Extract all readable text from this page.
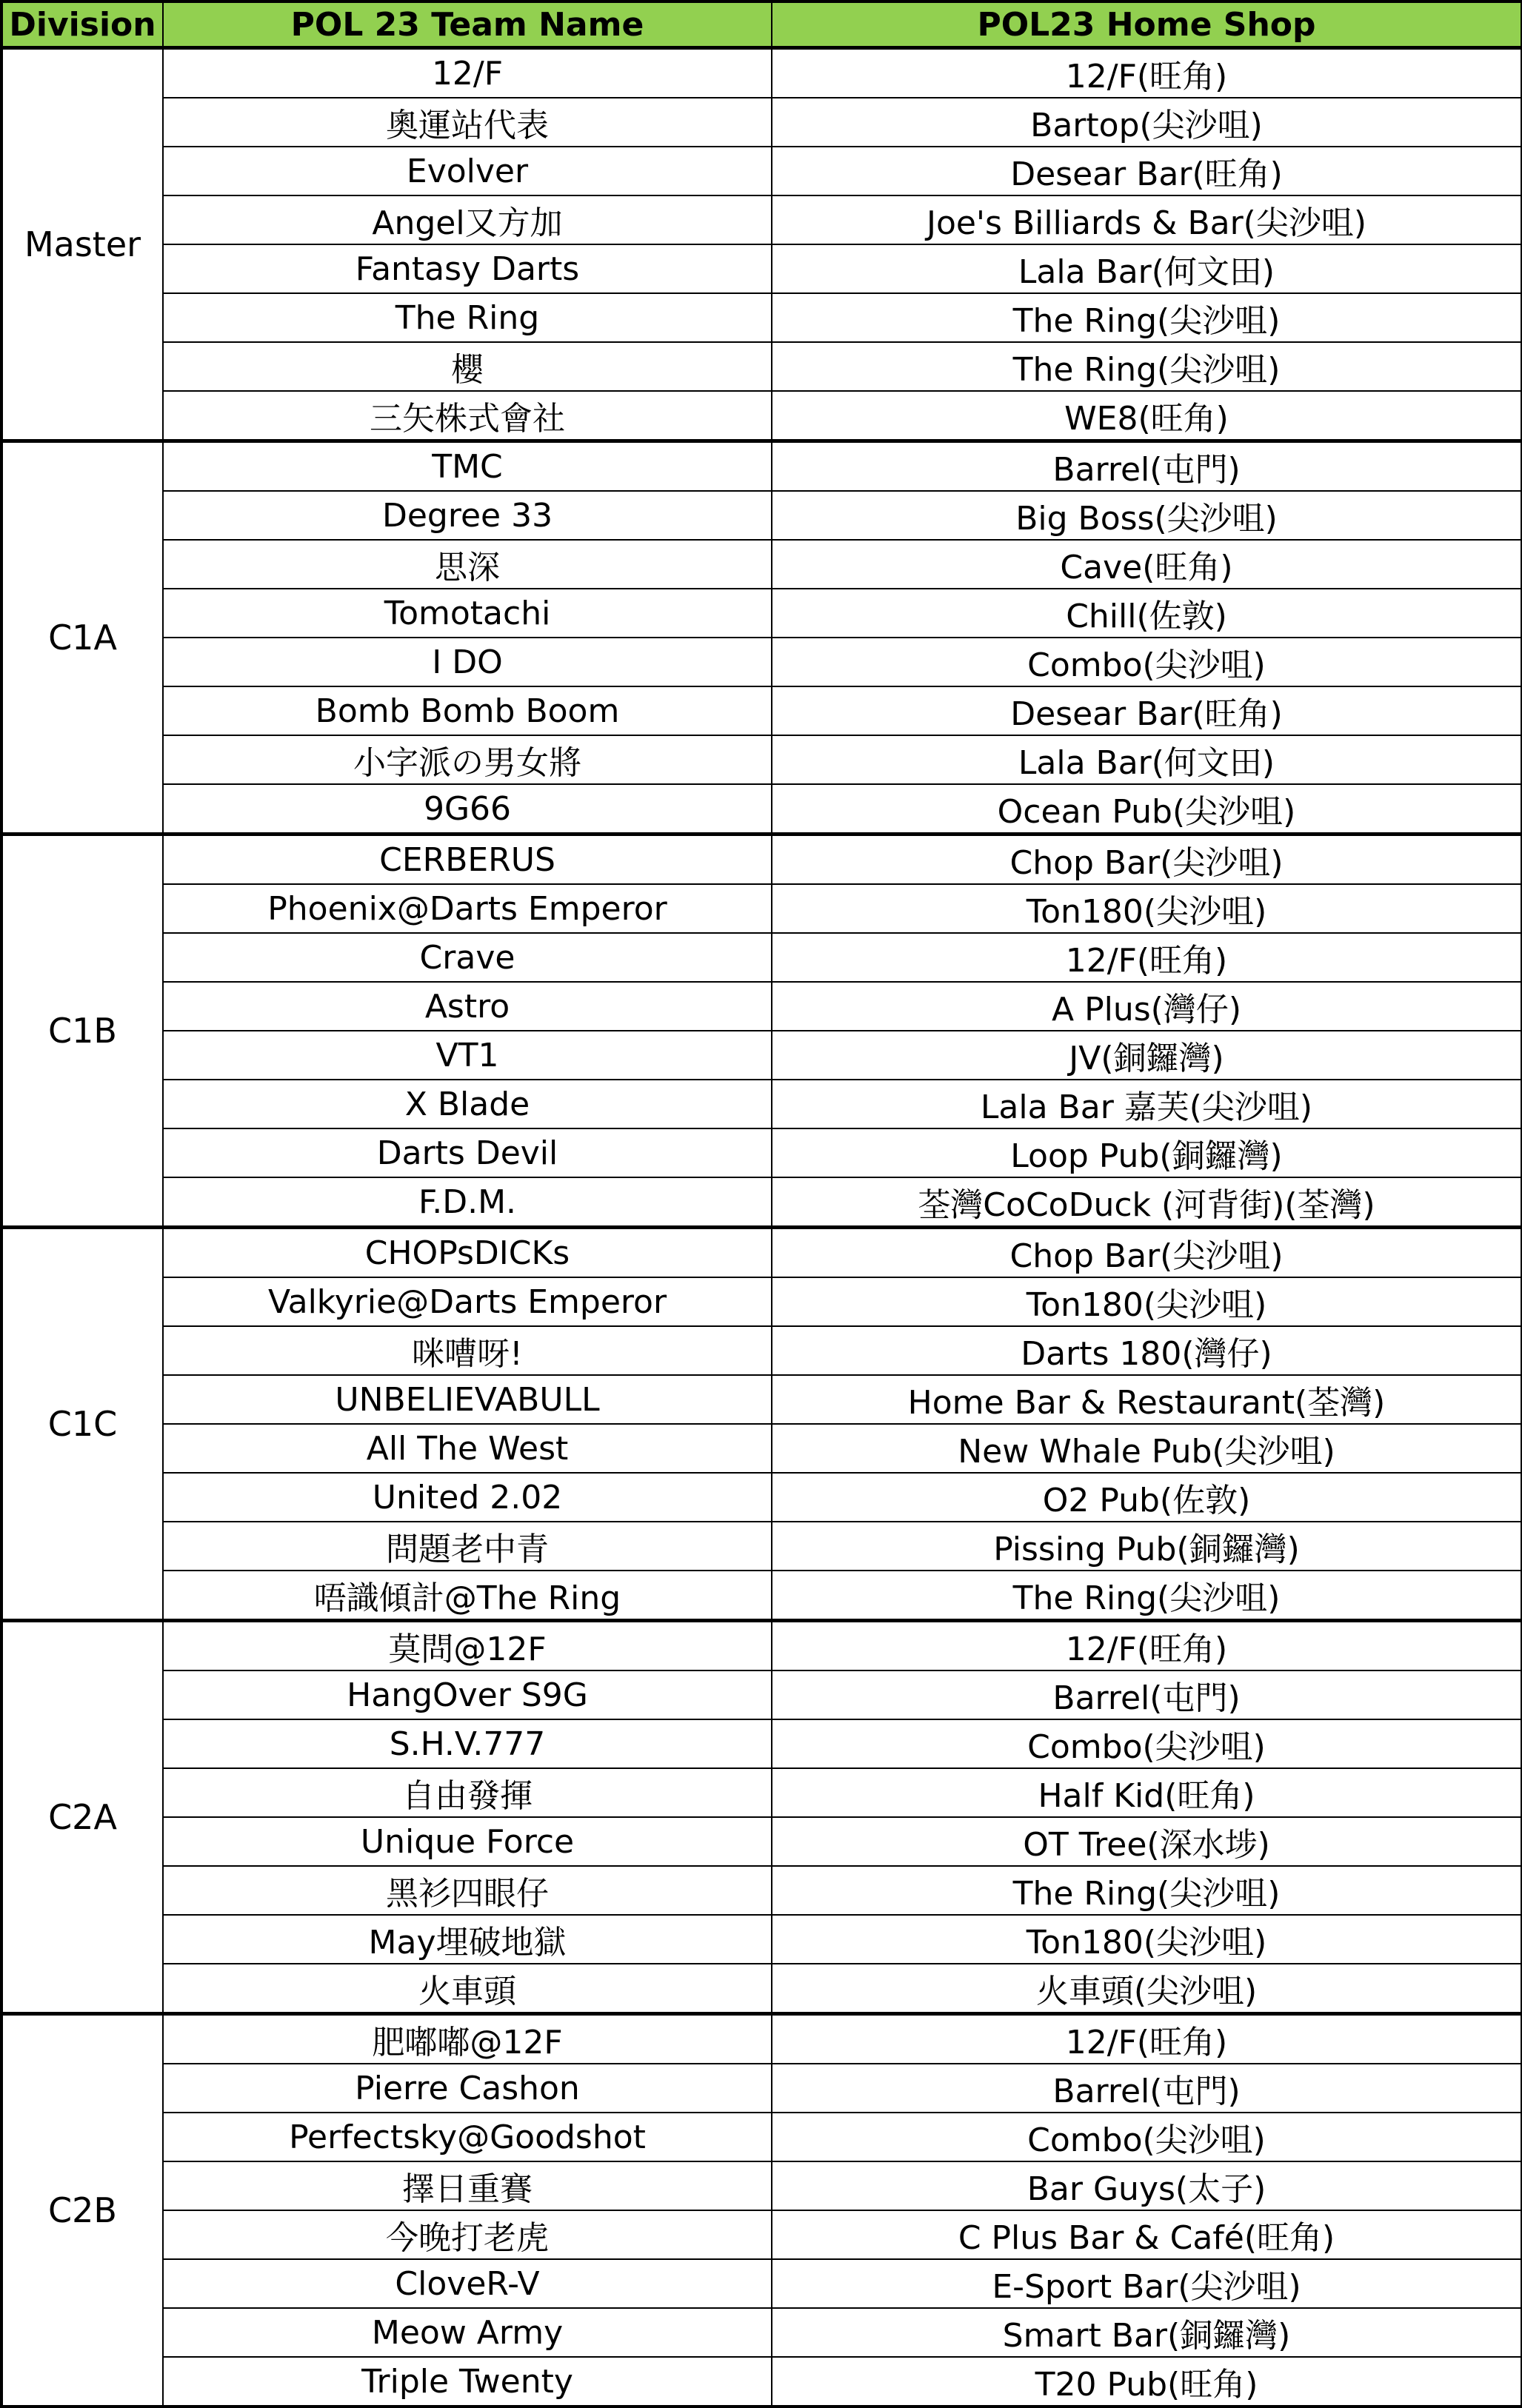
Division	POL 23 Team Name	POL23 Home Shop
Master	12/F	12/F(旺角)
	奧運站代表	Bartop(尖沙咀)
	Evolver	Desear Bar(旺角)
	Angel又方加	Joe's Billiards & Bar(尖沙咀)
	Fantasy Darts	Lala Bar(何文田)
	The Ring	The Ring(尖沙咀)
	櫻	The Ring(尖沙咀)
	三矢株式會社	WE8(旺角)
C1A	TMC	Barrel(屯門)
	Degree 33	Big Boss(尖沙咀)
	思深	Cave(旺角)
	Tomotachi	Chill(佐敦)
	I DO	Combo(尖沙咀)
	Bomb Bomb Boom	Desear Bar(旺角)
	小字派の男女將	Lala Bar(何文田)
	9G66	Ocean Pub(尖沙咀)
C1B	CERBERUS	Chop Bar(尖沙咀)
	Phoenix@Darts Emperor	Ton180(尖沙咀)
	Crave	12/F(旺角)
	Astro	A Plus(灣仔)
	VT1	JV(銅鑼灣)
	X Blade	Lala Bar 嘉芙(尖沙咀)
	Darts Devil	Loop Pub(銅鑼灣)
	F.D.M.	荃灣CoCoDuck (河背街)(荃灣)
C1C	CHOPsDICKs	Chop Bar(尖沙咀)
	Valkyrie@Darts Emperor	Ton180(尖沙咀)
	咪嘈呀!	Darts 180(灣仔)
	UNBELIEVABULL	Home Bar & Restaurant(荃灣)
	All The West	New Whale Pub(尖沙咀)
	United 2.02	O2 Pub(佐敦)
	問題老中青	Pissing Pub(銅鑼灣)
	唔識傾計@The Ring	The Ring(尖沙咀)
C2A	莫問@12F	12/F(旺角)
	HangOver S9G	Barrel(屯門)
	S.H.V.777	Combo(尖沙咀)
	自由發揮	Half Kid(旺角)
	Unique Force	OT Tree(深水埗)
	黑衫四眼仔	The Ring(尖沙咀)
	May埋破地獄	Ton180(尖沙咀)
	火車頭	火車頭(尖沙咀)
C2B	肥嘟嘟@12F	12/F(旺角)
	Pierre Cashon	Barrel(屯門)
	Perfectsky@Goodshot	Combo(尖沙咀)
	擇日重賽	Bar Guys(太子)
	今晚打老虎	C Plus Bar & Café(旺角)
	CloveR-V	E-Sport Bar(尖沙咀)
	Meow Army	Smart Bar(銅鑼灣)
	Triple Twenty	T20 Pub(旺角)
